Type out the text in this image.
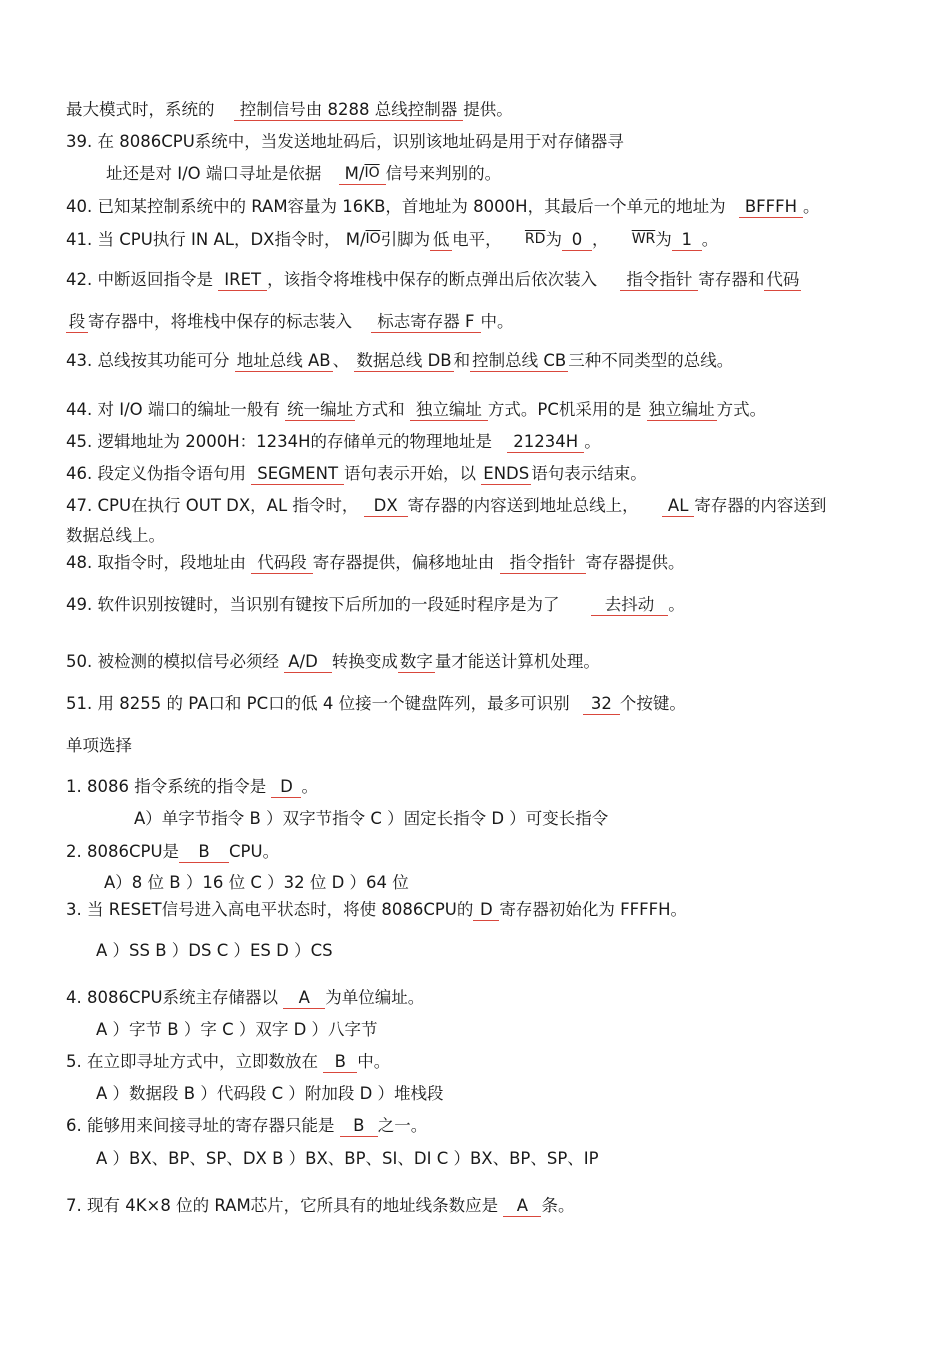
最大模式时，系统的 控制信号由 8288 总线控制器 提供。
39. 在 8086CPU系统中，当发送地址码后，识别该地址码是用于对存储器寻
址还是对 I/O 端口寻址是依据 $M/\overline{IO}$ 信号来判别的。
40. 已知某控制系统中的 RAM容量为 16KB，首地址为 8000H，其最后一个单元的地址为 BFFFH 。
41. 当 CPU执行 IN AL，DX指令时， $M/\overline{IO}$引脚为 低 电平， $\overline{RD}$为 0 ， $\overline{WR}$为 1 。
42. 中断返回指令是 IRET ，该指令将堆栈中保存的断点弹出后依次装入 指令指针 寄存器和 代码
段 寄存器中，将堆栈中保存的标志装入 标志寄存器 F 中。
43. 总线按其功能可分 地址总线 AB 、 数据总线 DB 和 控制总线 CB 三种不同类型的总线。
44. 对 I/O 端口的编址一般有 统一编址 方式和 独立编址 方式。PC机采用的是 独立编址 方式。
45. 逻辑地址为 2000H：1234H的存储单元的物理地址是 21234H 。
46. 段定义伪指令语句用 SEGMENT 语句表示开始，以 ENDS 语句表示结束。
47. CPU在执行 OUT DX，AL 指令时， DX 寄存器的内容送到地址总线上， AL 寄存器的内容送到
数据总线上。
48. 取指令时，段地址由 代码段 寄存器提供，偏移地址由 指令指针 寄存器提供。
49. 软件识别按键时，当识别有键按下后所加的一段延时程序是为了	去抖动 。
50. 被检测的模拟信号必须经 A/D 转换变成 数字 量才能送计算机处理。
51. 用 8255 的 PA口和 PC口的低 4 位接一个键盘阵列，最多可识别 32 个按键。
单项选择
1. 8086 指令系统的指令是 D 。
A）单字节指令 B ）双字节指令 C ）固定长指令 D ）可变长指令
2. 8086CPU是 B CPU。
A）8 位 B ）16 位 C ）32 位 D ）64 位
3. 当 RESET信号进入高电平状态时，将使 8086CPU的 D 寄存器初始化为 FFFFH。
A ）SS B ）DS C ）ES D ）CS
4. 8086CPU系统主存储器以 A 为单位编址。
A ）字节 B ）字 C ）双字 D ）八字节
5. 在立即寻址方式中，立即数放在 B 中。
A ）数据段 B ）代码段 C ）附加段 D ）堆栈段
6. 能够用来间接寻址的寄存器只能是 B 之一。
A ）BX、BP、SP、DX B ）BX、BP、SI、DI C ）BX、BP、SP、IP
7. 现有 4K×8 位的 RAM芯片，它所具有的地址线条数应是 A 条。
